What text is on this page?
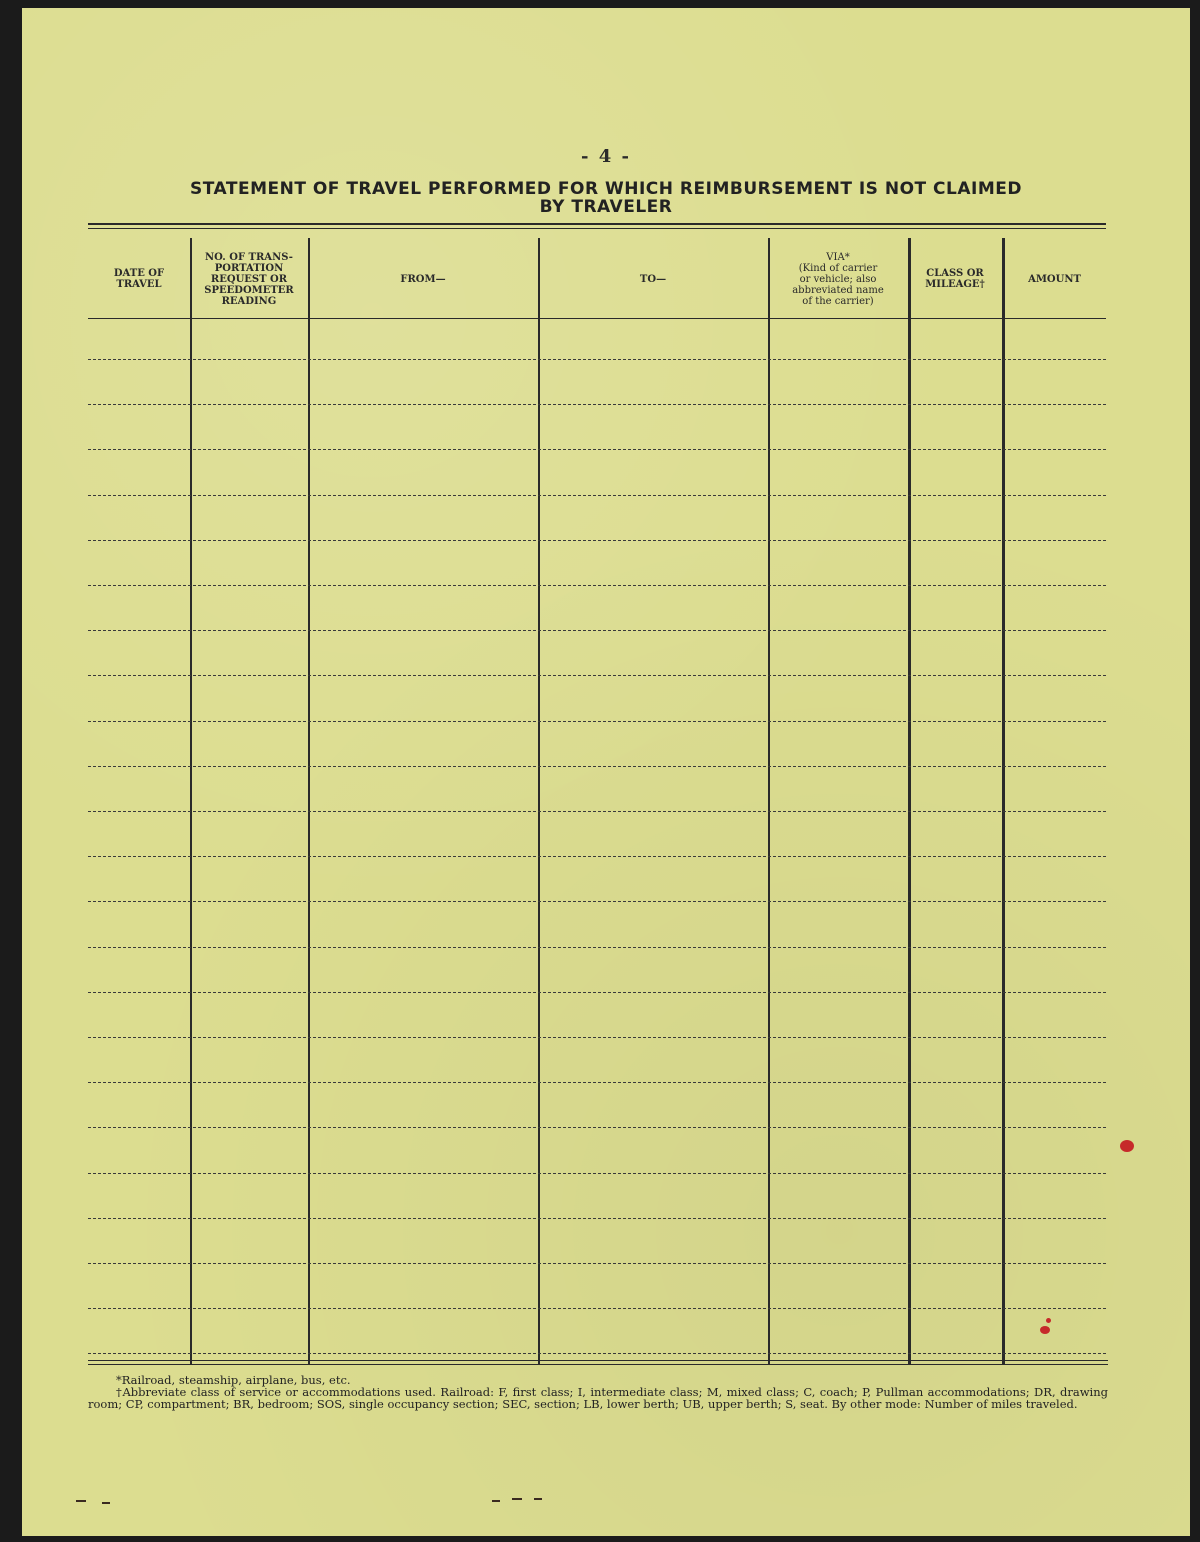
- 4 -
STATEMENT OF TRAVEL PERFORMED FOR WHICH REIMBURSEMENT IS NOT CLAIMED
BY TRAVELER
DATE OF
TRAVEL
NO. OF TRANS-
PORTATION
REQUEST OR
SPEEDOMETER
READING
FROM—	TO—
VIA*
(Kind of carrier
or vehicle; also
abbreviated name
of the carrier)
CLASS OR
MILEAGE†	AMOUNT

*Railroad, steamship, airplane, bus, etc.

†Abbreviate class of service or accommodations used. Railroad: F, first class; I, intermediate class; M, mixed class; C, coach; P, Pullman accommodations; DR, drawing room; CP, compartment; BR, bedroom; SOS, single occupancy section; SEC, section; LB, lower berth; UB, upper berth; S, seat. By other mode: Number of miles traveled.
